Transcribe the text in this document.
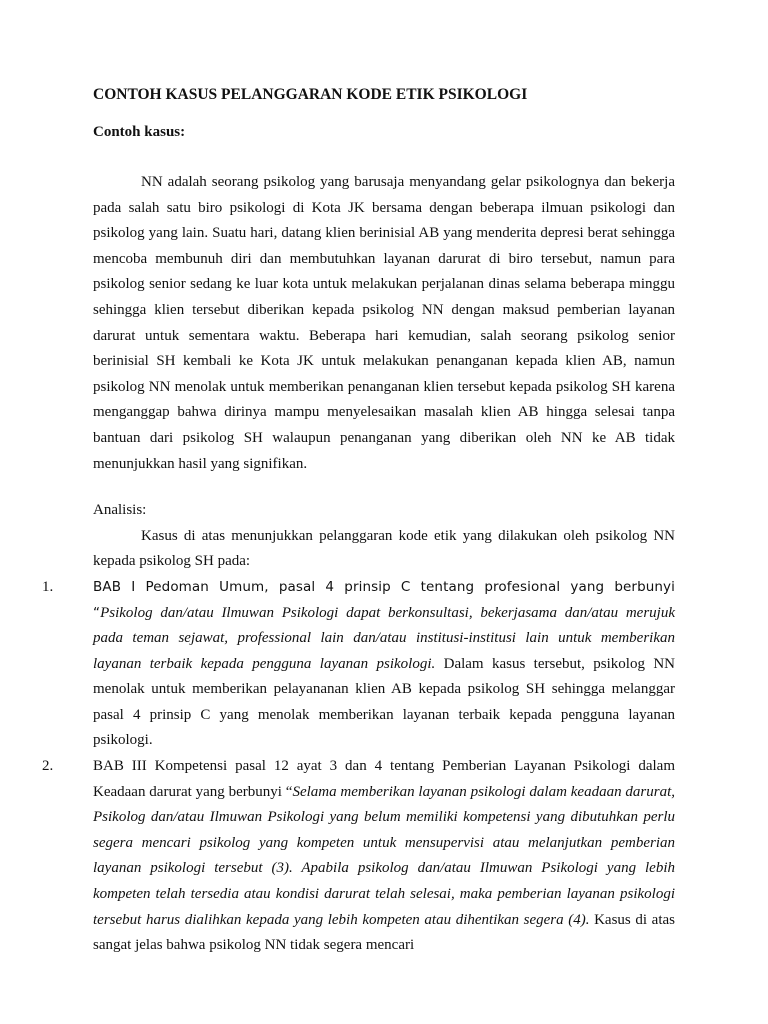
CONTOH KASUS PELANGGARAN KODE ETIK PSIKOLOGI

Contoh kasus:

NN adalah seorang psikolog yang barusaja menyandang gelar psikolognya dan bekerja pada salah satu biro psikologi di Kota JK bersama dengan beberapa ilmuan psikologi dan psikolog yang lain. Suatu hari, datang klien berinisial AB yang menderita depresi berat sehingga mencoba membunuh diri dan membutuhkan layanan darurat di biro tersebut, namun para psikolog senior sedang ke luar kota untuk melakukan perjalanan dinas selama beberapa minggu sehingga klien tersebut diberikan kepada psikolog NN dengan maksud pemberian layanan darurat untuk sementara waktu. Beberapa hari kemudian, salah seorang psikolog senior berinisial SH kembali ke Kota JK untuk melakukan penanganan kepada klien AB, namun psikolog NN menolak untuk memberikan penanganan klien tersebut kepada psikolog SH karena menganggap bahwa dirinya mampu menyelesaikan masalah klien AB hingga selesai tanpa bantuan dari psikolog SH walaupun penanganan yang diberikan oleh NN ke AB tidak menunjukkan hasil yang signifikan.

Analisis:

Kasus di atas menunjukkan pelanggaran kode etik yang dilakukan oleh psikolog NN kepada psikolog SH pada:

1.	BAB I Pedoman Umum, pasal 4 prinsip C tentang profesional yang berbunyi “Psikolog dan/atau Ilmuwan Psikologi dapat berkonsultasi, bekerjasama dan/atau merujuk pada teman sejawat, professional lain dan/atau institusi-institusi lain untuk memberikan layanan terbaik kepada pengguna layanan psikologi. Dalam kasus tersebut, psikolog NN menolak untuk memberikan pelayananan klien AB kepada psikolog SH sehingga melanggar pasal 4 prinsip C yang menolak memberikan layanan terbaik kepada pengguna layanan psikologi.
2.	BAB III Kompetensi pasal 12 ayat 3 dan 4 tentang Pemberian Layanan Psikologi dalam Keadaan darurat yang berbunyi “Selama memberikan layanan psikologi dalam keadaan darurat, Psikolog dan/atau Ilmuwan Psikologi yang belum memiliki kompetensi yang dibutuhkan perlu segera mencari psikolog yang kompeten untuk mensupervisi atau melanjutkan pemberian layanan psikologi tersebut (3). Apabila psikolog dan/atau Ilmuwan Psikologi yang lebih kompeten telah tersedia atau kondisi darurat telah selesai, maka pemberian layanan psikologi tersebut harus dialihkan kepada yang lebih kompeten atau dihentikan segera (4). Kasus di atas sangat jelas bahwa psikolog NN tidak segera mencari
